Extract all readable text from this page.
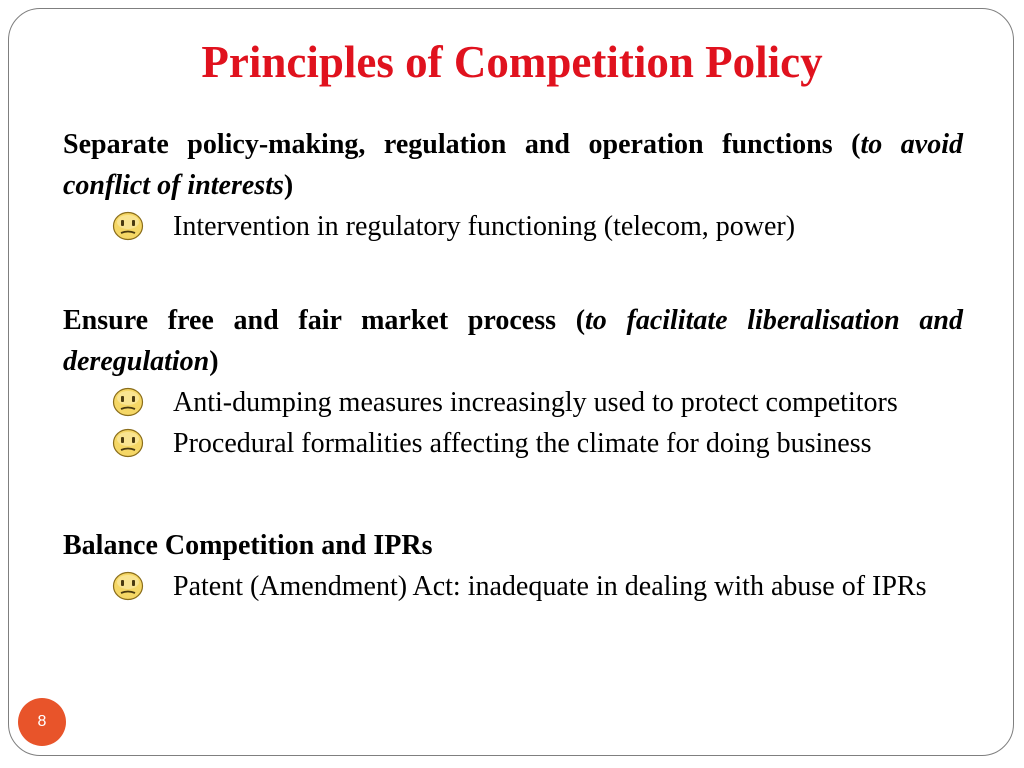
Principles of Competition Policy
Separate policy-making, regulation and operation functions (to avoid conflict of interests)
Intervention in regulatory functioning (telecom, power)
Ensure free and fair market process (to facilitate liberalisation and deregulation)
Anti-dumping measures increasingly used to protect competitors
Procedural formalities affecting the climate for doing business
Balance Competition and IPRs
Patent (Amendment) Act: inadequate in dealing with abuse of IPRs
8
